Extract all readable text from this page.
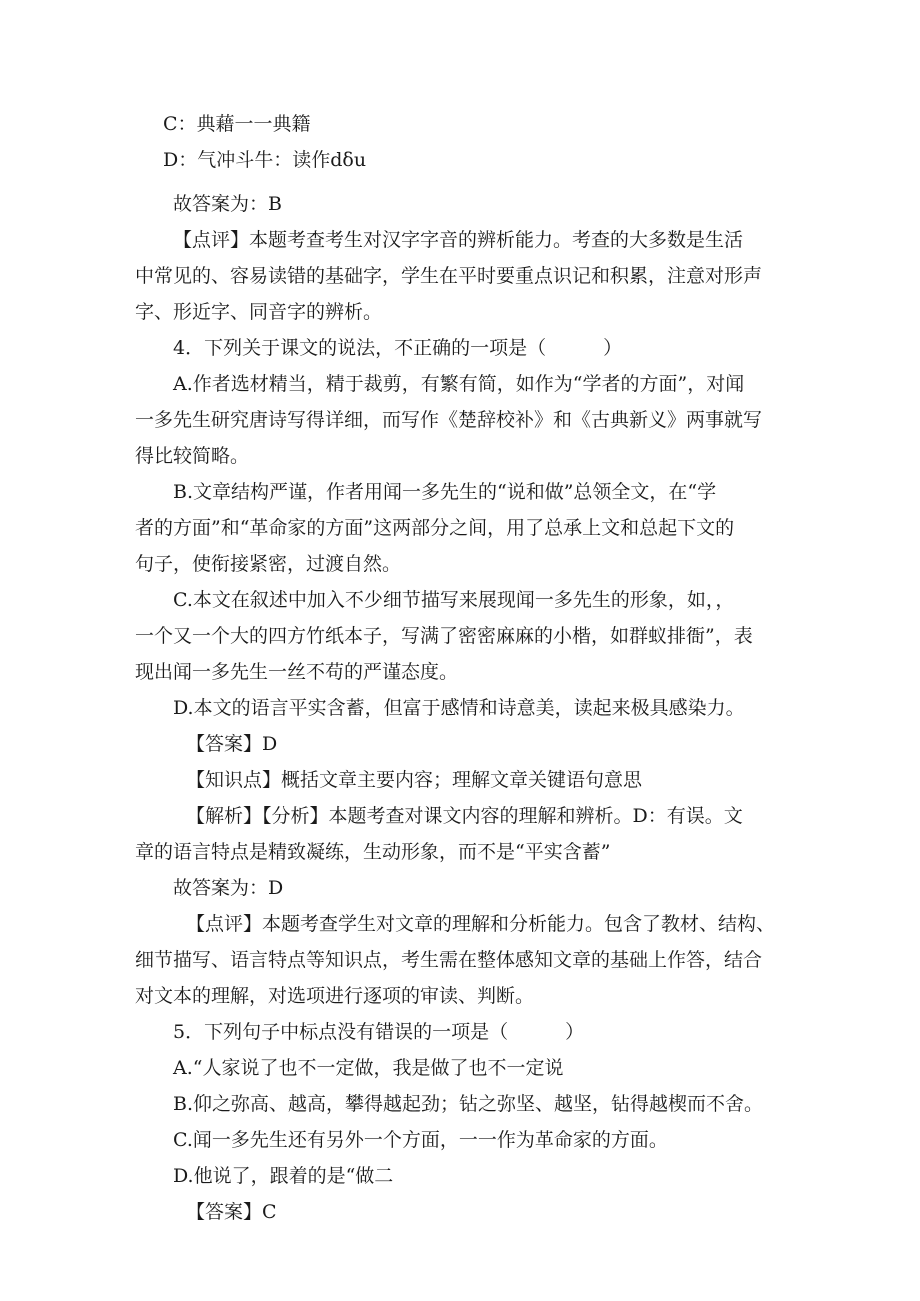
C：典藉一一典籍
D：气冲斗牛：读作dδu
故答案为：B
【点评】本题考查考生对汉字字音的辨析能力。考查的大多数是生活
中常见的、容易读错的基础字，学生在平时要重点识记和积累，注意对形声
字、形近字、同音字的辨析。
4．下列关于课文的说法，不正确的一项是（　　　）
A.作者选材精当，精于裁剪，有繁有简，如作为“学者的方面”，对闻
一多先生研究唐诗写得详细，而写作《楚辞校补》和《古典新义》两事就写
得比较简略。
B.文章结构严谨，作者用闻一多先生的“说和做”总领全文，在“学
者的方面”和“革命家的方面”这两部分之间，用了总承上文和总起下文的
句子，使衔接紧密，过渡自然。
C.本文在叙述中加入不少细节描写来展现闻一多先生的形象，如，，
一个又一个大的四方竹纸本子，写满了密密麻麻的小楷，如群蚁排衙”，表
现出闻一多先生一丝不苟的严谨态度。
D.本文的语言平实含蓄，但富于感情和诗意美，读起来极具感染力。
【答案】D
【知识点】概括文章主要内容；理解文章关键语句意思
【解析】【分析】本题考查对课文内容的理解和辨析。D：有误。文
章的语言特点是精致凝练，生动形象，而不是“平实含蓄”
故答案为：D
【点评】本题考查学生对文章的理解和分析能力。包含了教材、结构、
细节描写、语言特点等知识点，考生需在整体感知文章的基础上作答，结合
对文本的理解，对选项进行逐项的审读、判断。
5．下列句子中标点没有错误的一项是（　　　）
A.“人家说了也不一定做，我是做了也不一定说
B.仰之弥高、越高，攀得越起劲；钻之弥坚、越坚，钻得越楔而不舍。
C.闻一多先生还有另外一个方面，一一作为革命家的方面。
D.他说了，跟着的是“做二
【答案】C
